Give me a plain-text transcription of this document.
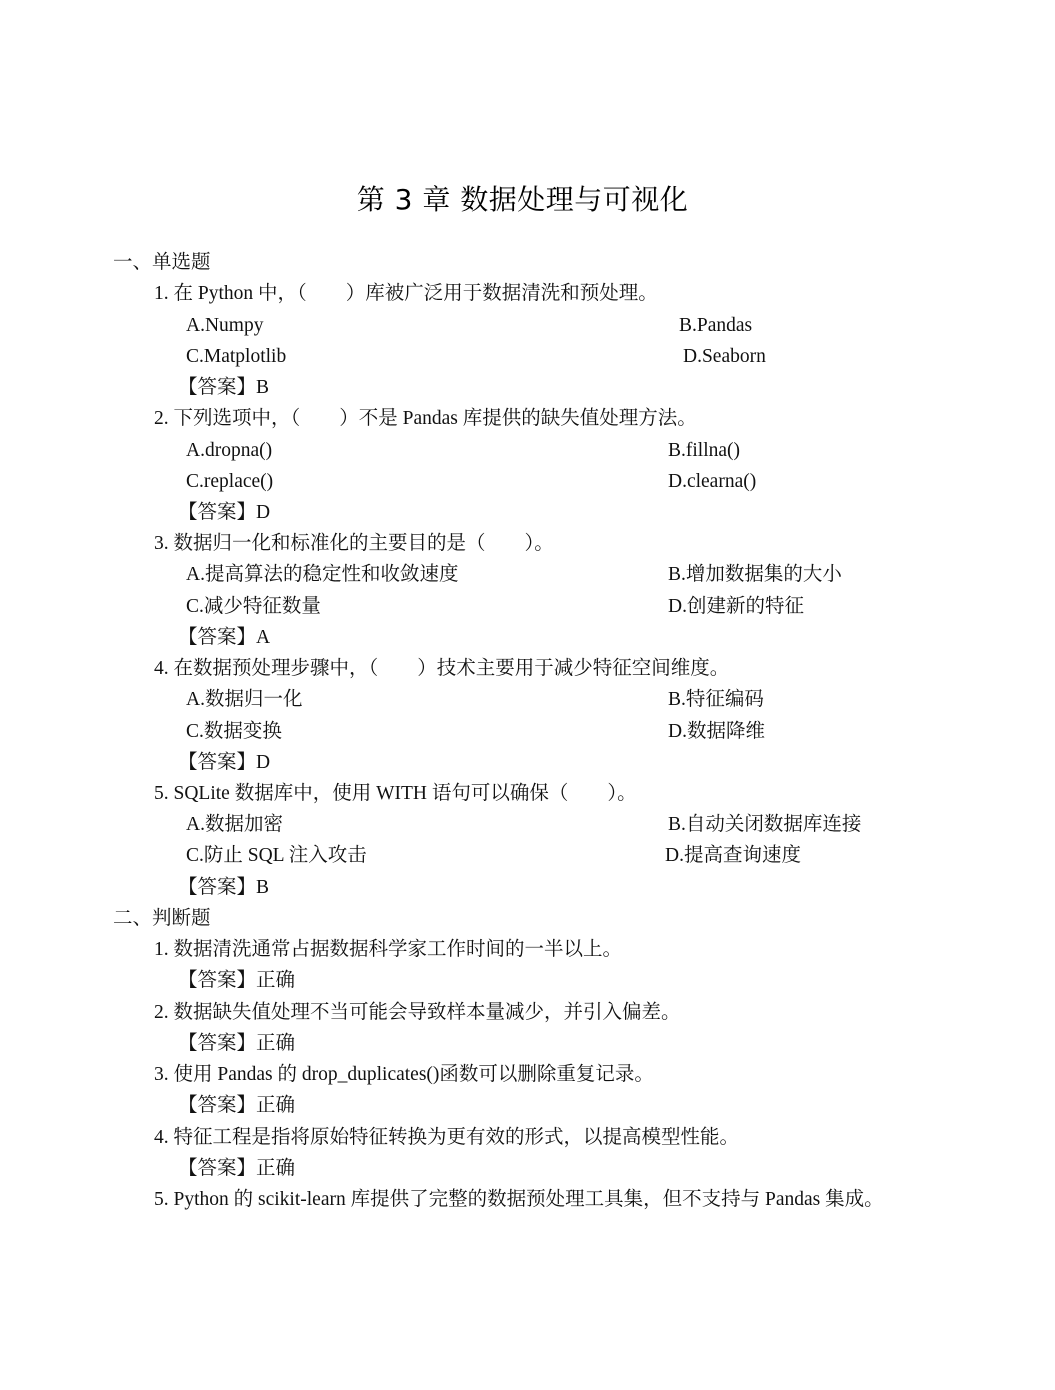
第 3 章 数据处理与可视化
一、单选题
1. 在 Python 中，（　　）库被广泛用于数据清洗和预处理。
A.Numpy	B.Pandas
C.Matplotlib	D.Seaborn
【答案】B
2. 下列选项中，（　　）不是 Pandas 库提供的缺失值处理方法。
A.dropna()	B.fillna()
C.replace()	D.clearna()
【答案】D
3. 数据归一化和标准化的主要目的是（　　）。
A.提高算法的稳定性和收敛速度	B.增加数据集的大小
C.减少特征数量	D.创建新的特征
【答案】A
4. 在数据预处理步骤中，（　　）技术主要用于减少特征空间维度。
A.数据归一化	B.特征编码
C.数据变换	D.数据降维
【答案】D
5. SQLite 数据库中，使用 WITH 语句可以确保（　　）。
A.数据加密	B.自动关闭数据库连接
C.防止 SQL 注入攻击	D.提高查询速度
【答案】B
二、判断题
1. 数据清洗通常占据数据科学家工作时间的一半以上。
【答案】正确
2. 数据缺失值处理不当可能会导致样本量减少，并引入偏差。
【答案】正确
3. 使用 Pandas 的 drop_duplicates()函数可以删除重复记录。
【答案】正确
4. 特征工程是指将原始特征转换为更有效的形式，以提高模型性能。
【答案】正确
5. Python 的 scikit-learn 库提供了完整的数据预处理工具集，但不支持与 Pandas 集成。
